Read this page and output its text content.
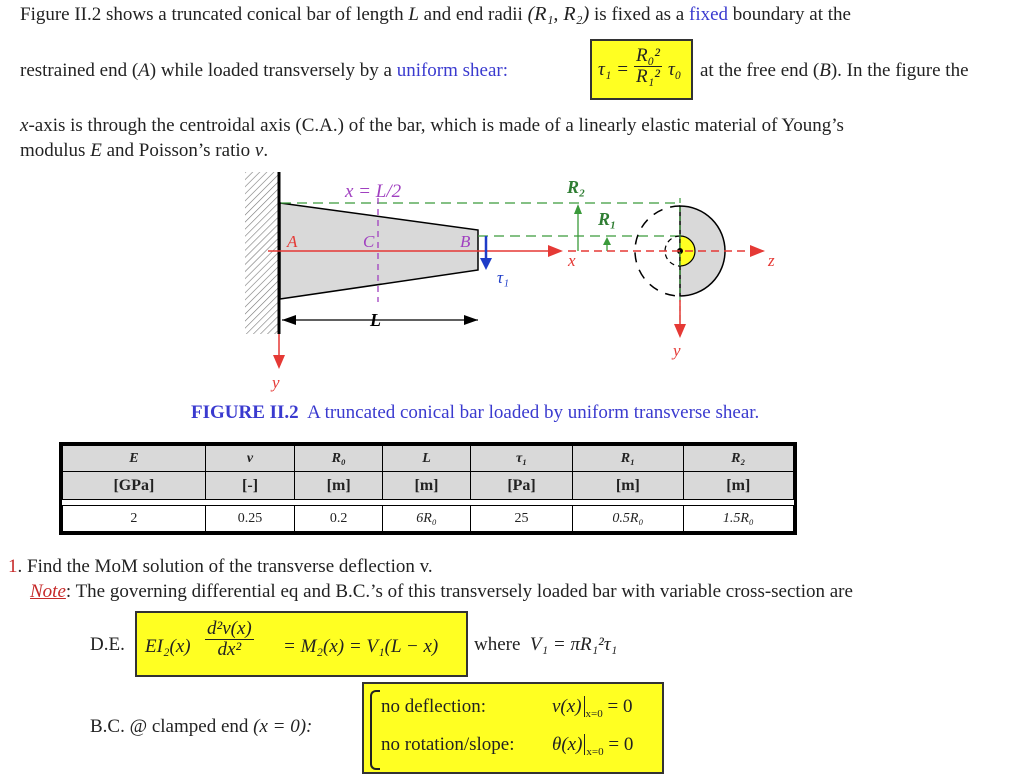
Figure II.2 shows a truncated conical bar of length L and end radii (R₁, R₂) is fixed as a fixed boundary at the
restrained end (A) while loaded transversely by a uniform shear:	$\tau_1 = \frac{\text{R₀²}}{\text{R₁²}} \tau_0$ at the free end (B). In the figure the
x-axis is through the centroidal axis (C.A.) of the bar, which is made of a linearly elastic material of Young’s
modulus E and Poisson’s ratio ν.
x = L/2	R₂
R₁
A	C	B
x	z
τ₁
L
y
y
FIGURE II.2 A truncated conical bar loaded by uniform transverse shear.
E	ν	R₀	L	τ₁	R₁	R₂
[GPa]	[-]	[m]	[m]	[Pa]	[m]	[m]

2	0.25	0.2	6R₀	25	0.5R₀	1.5R₀
1. Find the MoM solution of the transverse deflection v.
Note: The governing differential eq and B.C.’s of this transversely loaded bar with variable cross-section are
D.E. $EI_2(x) \frac{\text{d²v(x)}}{\text{dx²}} = M_2(x) = V_1(L - x)$ where V₁ = πR₁²τ₁
B.C. @ clamped end (x = 0):
no deflection:	v(x) $_{x=0}$ = 0
no rotation/slope: θ(x) $_{x=0}$ = 0
